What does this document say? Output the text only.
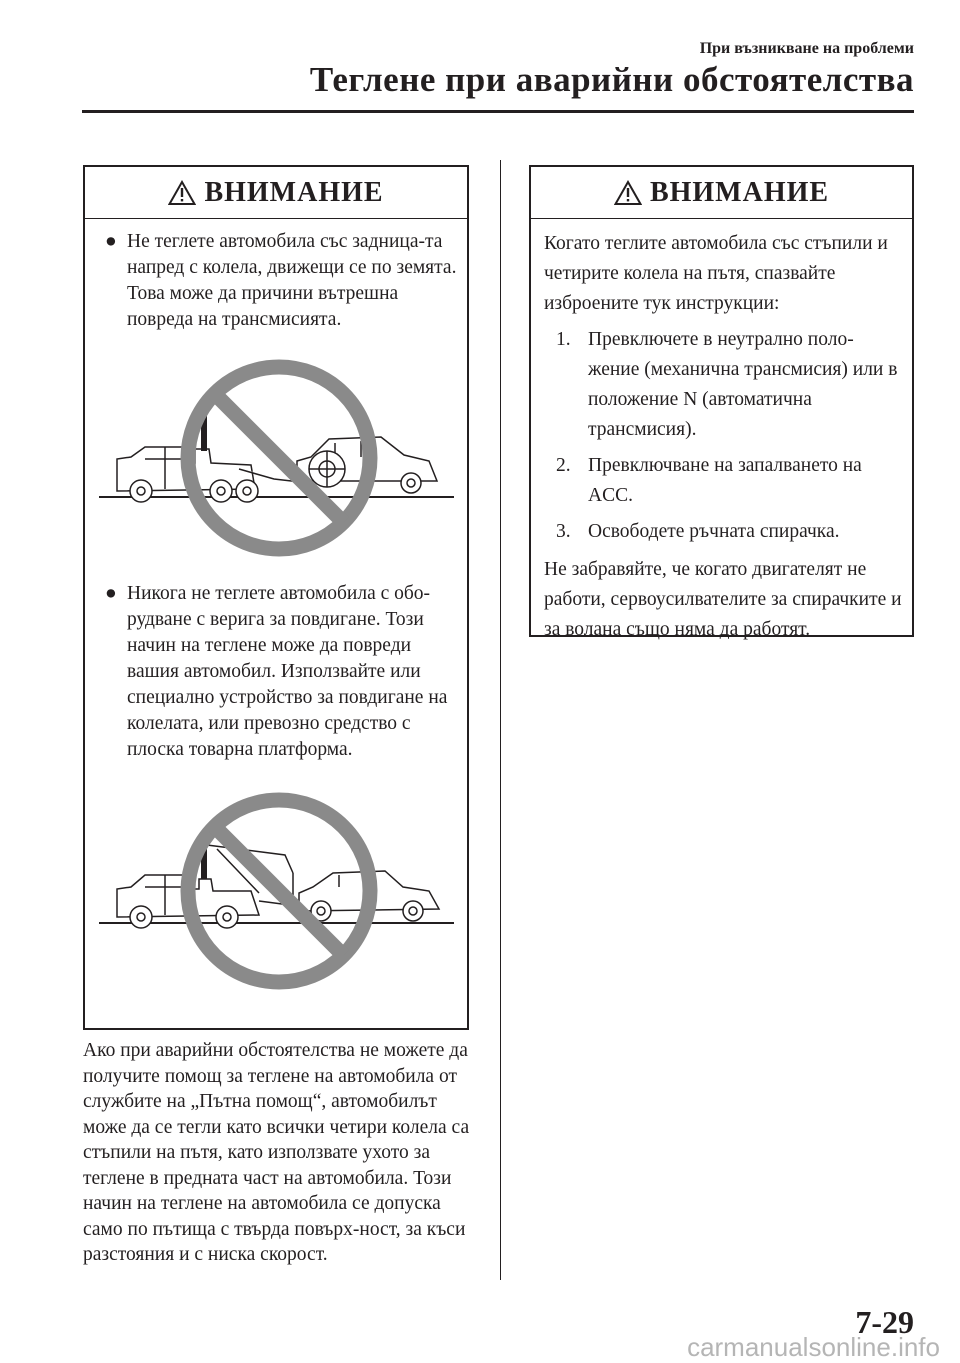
При възникване на проблеми
Теглене при аварийни обстоятелства
ВНИМАНИЕ
● Не теглете автомобила със задница-та напред с колела, движещи се по земята. Това може да причини вътрешна повреда на трансмисията.
● Никога не теглете автомобила с обо-рудване с верига за повдигане. Този начин на теглене може да повреди вашия автомобил. Използвайте или специално устройство за повдигане на колелата, или превозно средство с плоска товарна платформа.
ВНИМАНИЕ
Когато теглите автомобила със стъпили и четирите колела на пътя, спазвайте изброените тук инструкции:
1. Превключете в неутрално поло-жение (механична трансмисия) или в положение N (автоматична трансмисия).
2. Превключване на запалването на ACC.
3. Освободете ръчната спирачка.
Не забравяйте, че когато двигателят не работи, сервоусилвателите за спирачките и за волана също няма да работят.
Ако при аварийни обстоятелства не можете да получите помощ за теглене на автомобила от службите на „Пътна помощ“, автомобилът може да се тегли като всички четири колела са стъпили на пътя, като използвате ухото за теглене в предната част на автомобила. Този начин на теглене на автомобила се допуска само по пътища с твърда повърх-ност, за къси разстояния и с ниска скорост.
7-29
carmanualsonline.info
